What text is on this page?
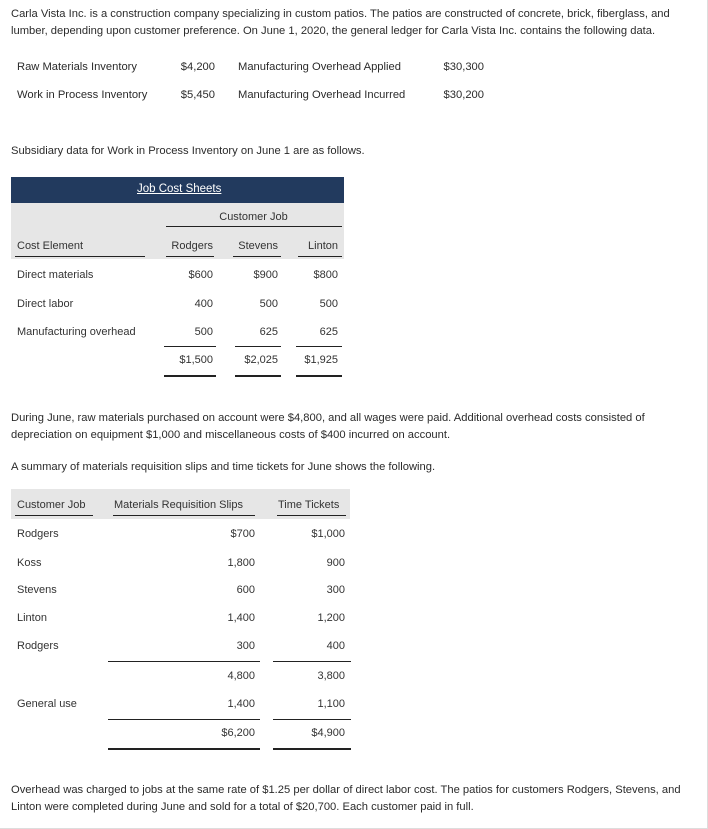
Carla Vista Inc. is a construction company specializing in custom patios. The patios are constructed of concrete, brick, fiberglass, and lumber, depending upon customer preference. On June 1, 2020, the general ledger for Carla Vista Inc. contains the following data.
Raw Materials Inventory	$4,200 Manufacturing Overhead Applied	$30,300
Work in Process Inventory	$5,450 Manufacturing Overhead Incurred	$30,200
Subsidiary data for Work in Process Inventory on June 1 are as follows.
Job Cost Sheets
Customer Job
Cost Element	Rodgers	Stevens	Linton
Direct materials	$600	$900	$800
Direct labor	400	500	500
Manufacturing overhead	500	625	625
$1,500	$2,025	$1,925
During June, raw materials purchased on account were $4,800, and all wages were paid. Additional overhead costs consisted of depreciation on equipment $1,000 and miscellaneous costs of $400 incurred on account.
A summary of materials requisition slips and time tickets for June shows the following.
Customer Job	Materials Requisition Slips	Time Tickets
Rodgers	$700	$1,000
Koss	1,800	900
Stevens	600	300
Linton	1,400	1,200
Rodgers	300	400
4,800	3,800
General use	1,400	1,100
$6,200	$4,900
Overhead was charged to jobs at the same rate of $1.25 per dollar of direct labor cost. The patios for customers Rodgers, Stevens, and Linton were completed during June and sold for a total of $20,700. Each customer paid in full.
